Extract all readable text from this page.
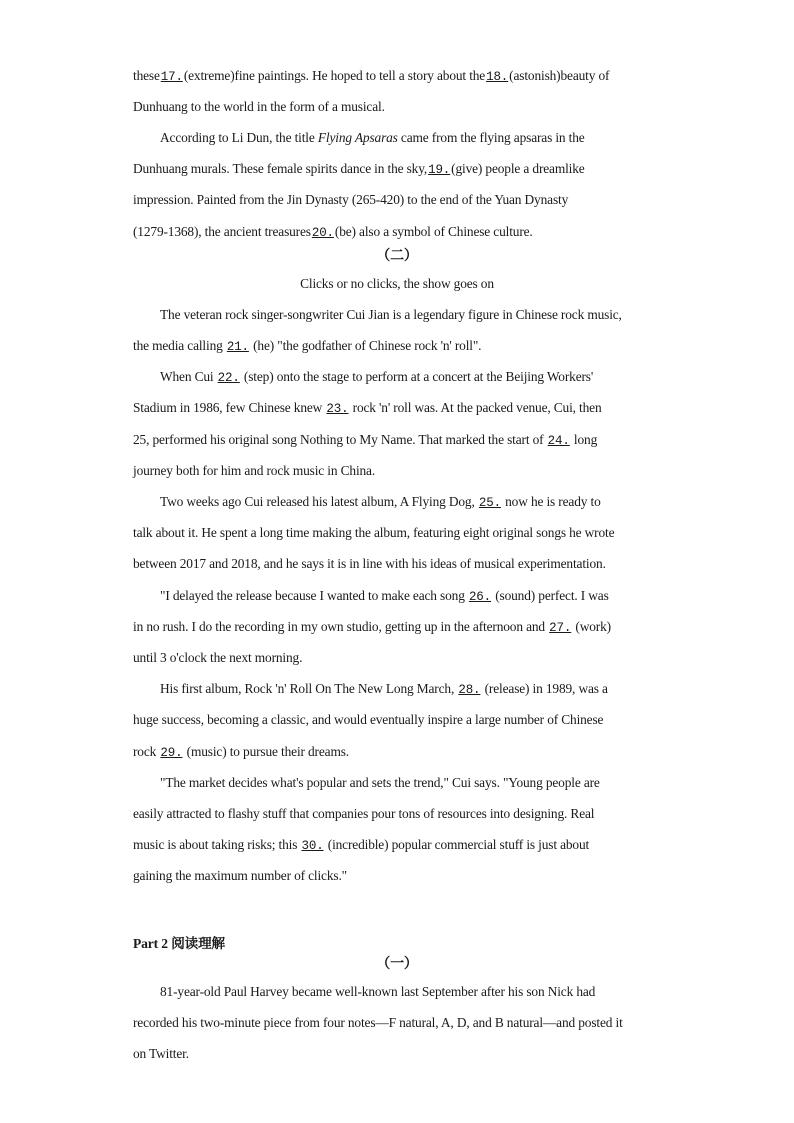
these17.(extreme)fine paintings. He hoped to tell a story about the18.(astonish)beauty of
Dunhuang to the world in the form of a musical.
According to Li Dun, the title Flying Apsaras came from the flying apsaras in the
Dunhuang murals. These female spirits dance in the sky,19.(give) people a dreamlike
impression. Painted from the Jin Dynasty (265-420) to the end of the Yuan Dynasty
(1279-1368), the ancient treasures20.(be) also a symbol of Chinese culture.
（二）
Clicks or no clicks, the show goes on
The veteran rock singer-songwriter Cui Jian is a legendary figure in Chinese rock music,
the media calling 21. (he) "the godfather of Chinese rock 'n' roll".
When Cui 22. (step) onto the stage to perform at a concert at the Beijing Workers'
Stadium in 1986, few Chinese knew 23. rock 'n' roll was. At the packed venue, Cui, then
25, performed his original song Nothing to My Name. That marked the start of 24. long
journey both for him and rock music in China.
Two weeks ago Cui released his latest album, A Flying Dog, 25. now he is ready to
talk about it. He spent a long time making the album, featuring eight original songs he wrote
between 2017 and 2018, and he says it is in line with his ideas of musical experimentation.
"I delayed the release because I wanted to make each song 26. (sound) perfect. I was
in no rush. I do the recording in my own studio, getting up in the afternoon and 27. (work)
until 3 o'clock the next morning.
His first album, Rock 'n' Roll On The New Long March, 28. (release) in 1989, was a
huge success, becoming a classic, and would eventually inspire a large number of Chinese
rock 29. (music) to pursue their dreams.
"The market decides what's popular and sets the trend," Cui says. "Young people are
easily attracted to flashy stuff that companies pour tons of resources into designing. Real
music is about taking risks; this 30. (incredible) popular commercial stuff is just about
gaining the maximum number of clicks."
Part 2 阅读理解
（一）
81-year-old Paul Harvey became well-known last September after his son Nick had
recorded his two-minute piece from four notes—F natural, A, D, and B natural—and posted it
on Twitter.
